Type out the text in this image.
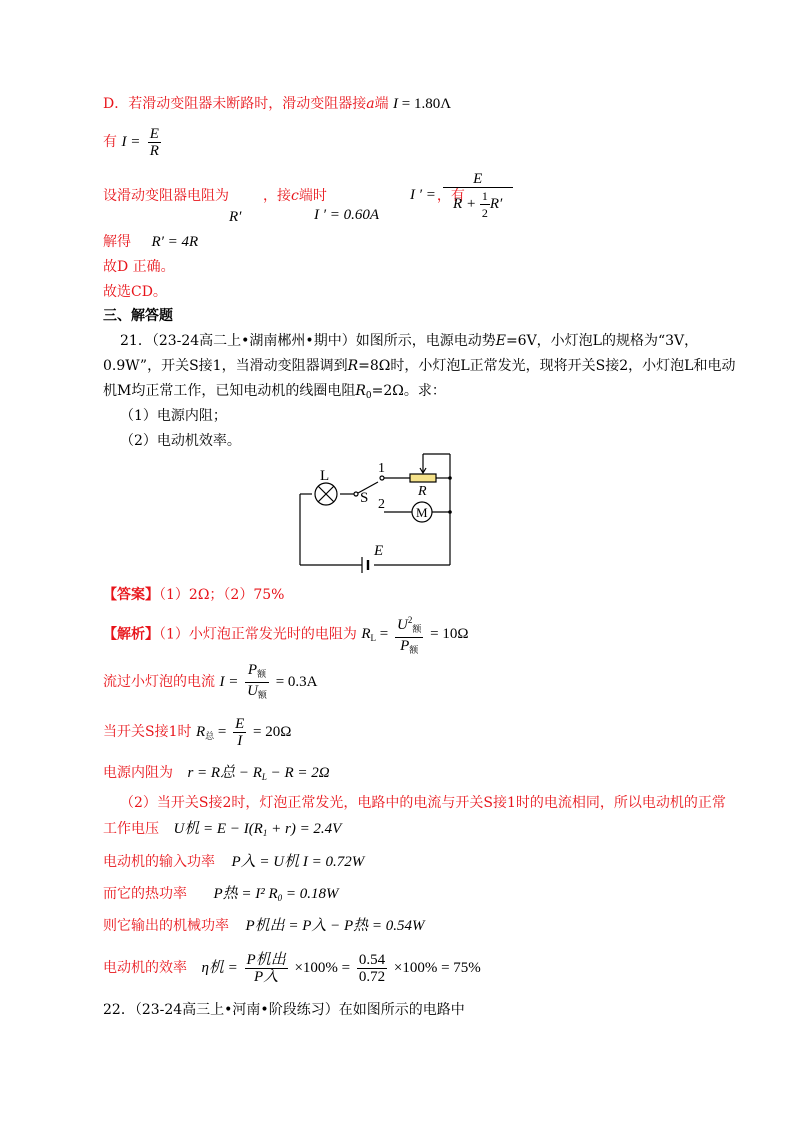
D．若滑动变阻器未断路时，滑动变阻器接a端 I = 1.80Λ
有 $I = \frac{E}{R}$
设滑动变阻器电阻为 ，接c端时	，有
R′	I ′ = 0.60A
I ′ = $\frac{E}{R + \frac{1}{2} R'}$
解得 R′ = 4R
故D 正确。
故选CD。
三、解答题
21．（23-24高二上•湖南郴州•期中）如图所示，电源电动势E=6V，小灯泡L的规格为“3V，
0.9W”，开关S接1，当滑动变阻器调到R=8Ω时，小灯泡L正常发光，现将开关S接2，小灯泡L和电动
机M均正常工作，已知电动机的线圈电阻$R_0=2\Omega$。求：
（1）电源内阻；
（2）电动机效率。
L
S
1
2
R
M
E
【答案】（1）2Ω；（2）75%
【解析】（1）小灯泡正常发光时的电阻为 $R_L = \frac{U^2_额}{P_额} = 10\Omega$
流过小灯泡的电流 $I = \frac{P_额}{U_额} = 0.3A$
当开关S接1时 $R_总 = \frac{E}{I} = 20\Omega$
电源内阻为 r = R总 − $R_L - R = 2\Omega$
（2）当开关S接2时，灯泡正常发光，电路中的电流与开关S接1时的电流相同，所以电动机的正常
工作电压 U机 = $E - I(R_1 + r) = 2.4V$
电动机的输入功率 P入 = U机 I = 0.72W
而它的热功率 P热 = I² $R_0 = 0.18W$
则它输出的机械功率 P机出 = P入 − P热 = 0.54W
电动机的效率 η机 = $\frac{\text{P机出}}{\text{P入}} \times 100\% = \frac{0.54}{0.72} \times 100\% = 75\%$
22．（23-24高三上•河南•阶段练习）在如图所示的电路中
